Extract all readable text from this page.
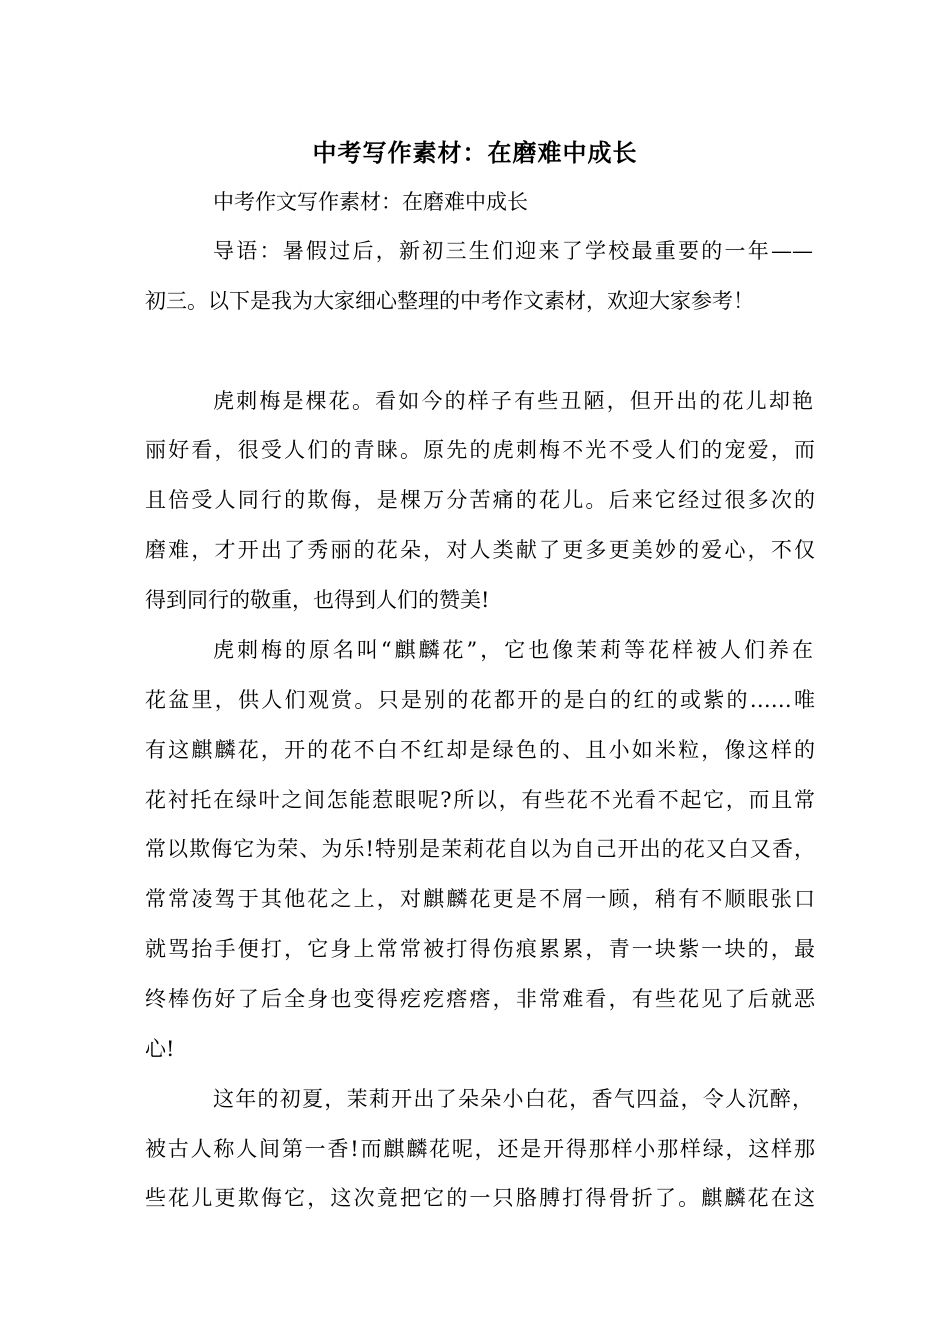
中考写作素材：在磨难中成长
中考作文写作素材：在磨难中成长
导语：暑假过后，新初三生们迎来了学校最重要的一年——
初三。以下是我为大家细心整理的中考作文素材，欢迎大家参考！
虎刺梅是棵花。看如今的样子有些丑陋，但开出的花儿却艳
丽好看，很受人们的青睐。原先的虎刺梅不光不受人们的宠爱，而
且倍受人同行的欺侮，是棵万分苦痛的花儿。后来它经过很多次的
磨难，才开出了秀丽的花朵，对人类献了更多更美妙的爱心，不仅
得到同行的敬重，也得到人们的赞美!
虎刺梅的原名叫“麒麟花”，它也像茉莉等花样被人们养在
花盆里，供人们观赏。只是别的花都开的是白的红的或紫的……唯
有这麒麟花，开的花不白不红却是绿色的、且小如米粒，像这样的
花衬托在绿叶之间怎能惹眼呢?所以，有些花不光看不起它，而且常
常以欺侮它为荣、为乐!特别是茉莉花自以为自己开出的花又白又香，
常常凌驾于其他花之上，对麒麟花更是不屑一顾，稍有不顺眼张口
就骂抬手便打，它身上常常被打得伤痕累累，青一块紫一块的，最
终棒伤好了后全身也变得疙疙瘩瘩，非常难看，有些花见了后就恶
心!
这年的初夏，茉莉开出了朵朵小白花，香气四益，令人沉醉，
被古人称人间第一香!而麒麟花呢，还是开得那样小那样绿，这样那
些花儿更欺侮它，这次竟把它的一只胳膊打得骨折了。麒麟花在这
